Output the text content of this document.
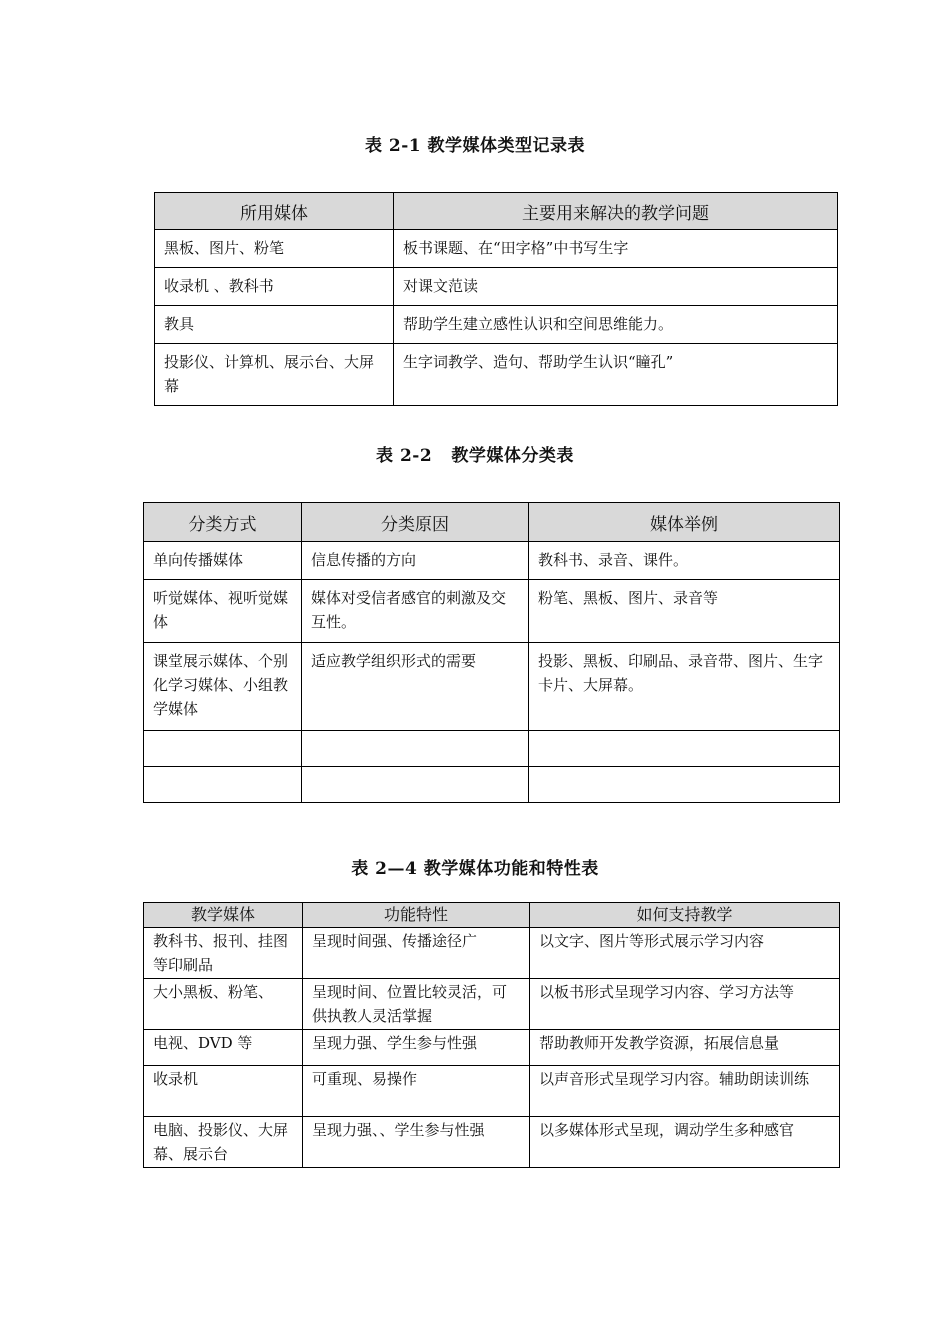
表 2-1 教学媒体类型记录表
所用媒体	主要用来解决的教学问题
黑板、图片、粉笔	板书课题、在“田字格”中书写生字
收录机 、教科书	对课文范读
教具	帮助学生建立感性认识和空间思维能力。
投影仪、计算机、展示台、大屏幕	生字词教学、造句、帮助学生认识“瞳孔”
表 2-2   教学媒体分类表
分类方式	分类原因	媒体举例
单向传播媒体	信息传播的方向	教科书、录音、课件。
听觉媒体、视听觉媒体	媒体对受信者感官的刺激及交互性。	粉笔、黑板、图片、录音等
课堂展示媒体、个别化学习媒体、小组教学媒体	适应教学组织形式的需要	投影、黑板、印刷品、录音带、图片、生字卡片、大屏幕。

表 2—4 教学媒体功能和特性表
教学媒体	功能特性	如何支持教学
教科书、报刊、挂图等印刷品	呈现时间强、传播途径广	以文字、图片等形式展示学习内容
大小黑板、粉笔、	呈现时间、位置比较灵活，可供执教人灵活掌握	以板书形式呈现学习内容、学习方法等
电视、DVD 等	呈现力强、学生参与性强	帮助教师开发教学资源，拓展信息量
收录机	可重现、易操作	以声音形式呈现学习内容。辅助朗读训练
电脑、投影仪、大屏幕、展示台	呈现力强、、学生参与性强	以多媒体形式呈现，调动学生多种感官
